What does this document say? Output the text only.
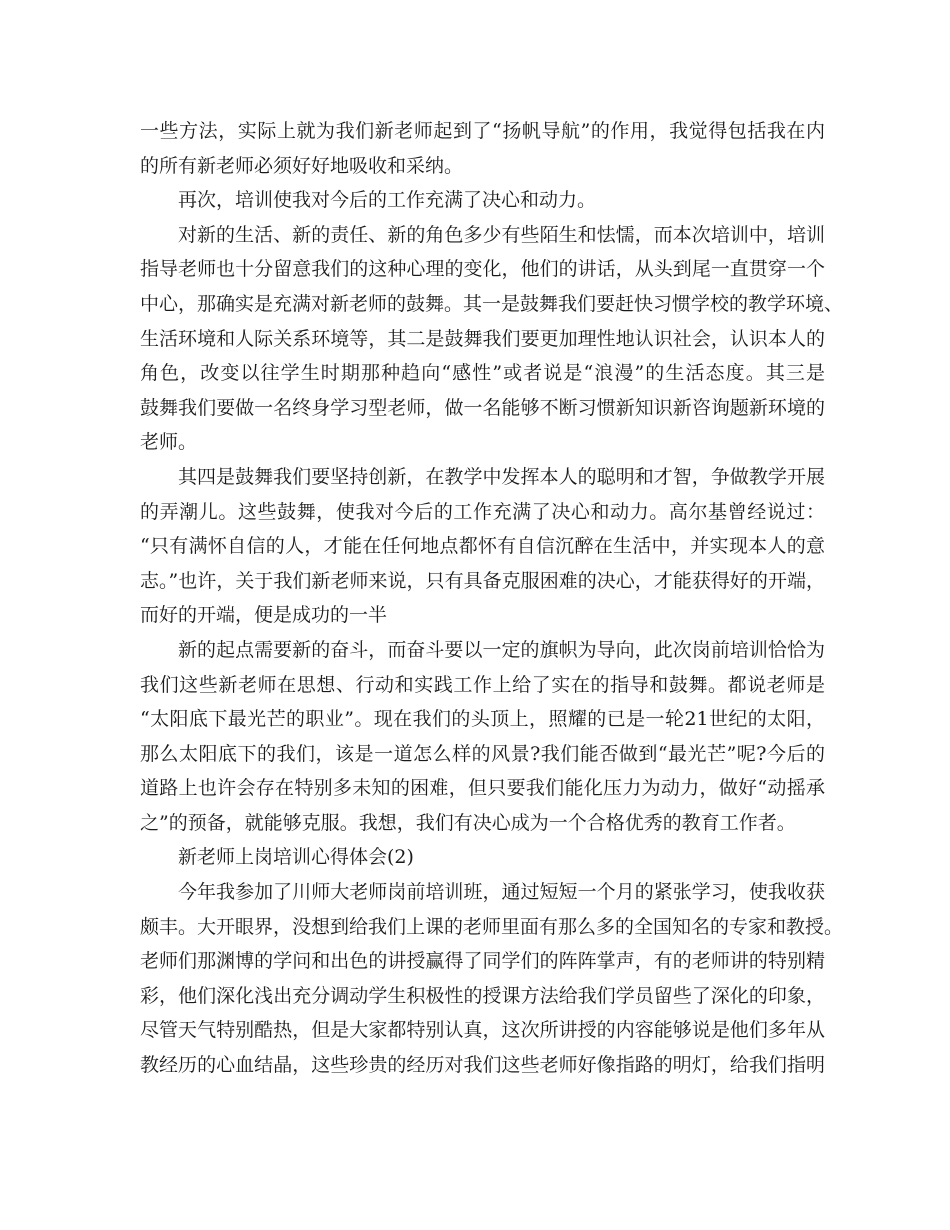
一些方法，实际上就为我们新老师起到了“扬帆导航”的作用，我觉得包括我在内
的所有新老师必须好好地吸收和采纳。
再次，培训使我对今后的工作充满了决心和动力。
对新的生活、新的责任、新的角色多少有些陌生和怯懦，而本次培训中，培训
指导老师也十分留意我们的这种心理的变化，他们的讲话，从头到尾一直贯穿一个
中心，那确实是充满对新老师的鼓舞。其一是鼓舞我们要赶快习惯学校的教学环境、
生活环境和人际关系环境等，其二是鼓舞我们要更加理性地认识社会，认识本人的
角色，改变以往学生时期那种趋向“感性”或者说是“浪漫”的生活态度。其三是
鼓舞我们要做一名终身学习型老师，做一名能够不断习惯新知识新咨询题新环境的
老师。
其四是鼓舞我们要坚持创新，在教学中发挥本人的聪明和才智，争做教学开展
的弄潮儿。这些鼓舞，使我对今后的工作充满了决心和动力。高尔基曾经说过：
“只有满怀自信的人，才能在任何地点都怀有自信沉醉在生活中，并实现本人的意
志。”也许，关于我们新老师来说，只有具备克服困难的决心，才能获得好的开端，
而好的开端，便是成功的一半
新的起点需要新的奋斗，而奋斗要以一定的旗帜为导向，此次岗前培训恰恰为
我们这些新老师在思想、行动和实践工作上给了实在的指导和鼓舞。都说老师是
“太阳底下最光芒的职业”。现在我们的头顶上，照耀的已是一轮21世纪的太阳，
那么太阳底下的我们，该是一道怎么样的风景?我们能否做到“最光芒”呢?今后的
道路上也许会存在特别多未知的困难，但只要我们能化压力为动力，做好“动摇承
之”的预备，就能够克服。我想，我们有决心成为一个合格优秀的教育工作者。
新老师上岗培训心得体会(2)
今年我参加了川师大老师岗前培训班，通过短短一个月的紧张学习，使我收获
颇丰。大开眼界，没想到给我们上课的老师里面有那么多的全国知名的专家和教授。
老师们那渊博的学问和出色的讲授赢得了同学们的阵阵掌声，有的老师讲的特别精
彩，他们深化浅出充分调动学生积极性的授课方法给我们学员留些了深化的印象，
尽管天气特别酷热，但是大家都特别认真，这次所讲授的内容能够说是他们多年从
教经历的心血结晶，这些珍贵的经历对我们这些老师好像指路的明灯，给我们指明
